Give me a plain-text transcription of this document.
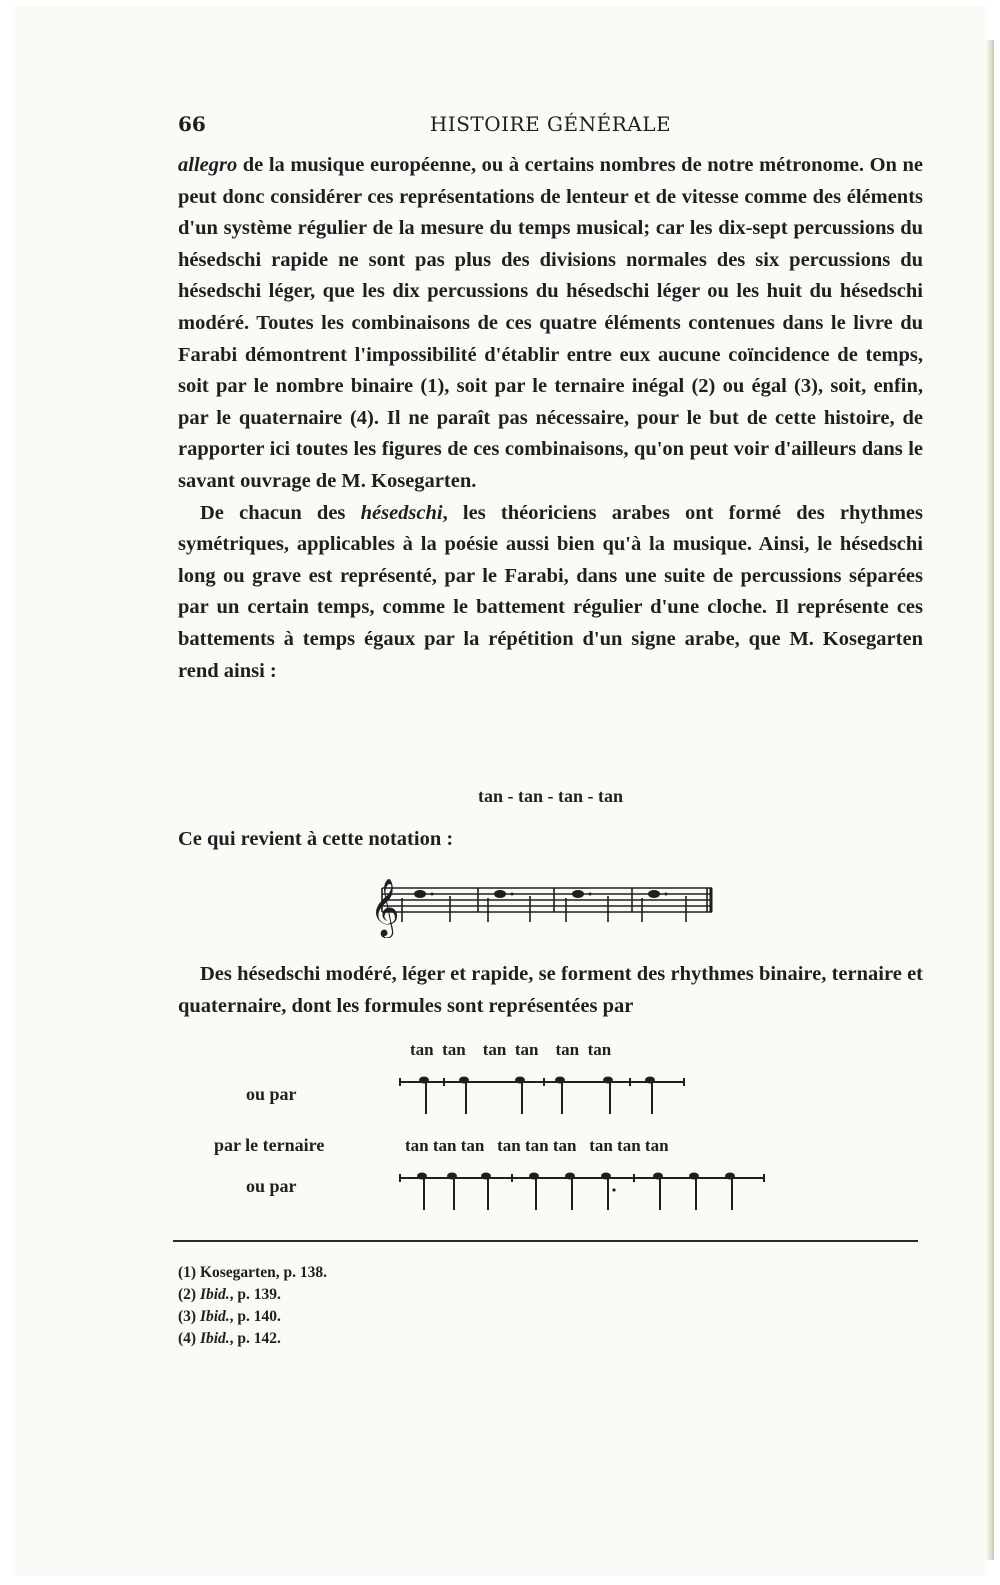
66	HISTOIRE GÉNÉRALE

allegro de la musique européenne, ou à certains nombres de notre métronome. On ne peut donc considérer ces représentations de lenteur et de vitesse comme des éléments d'un système régulier de la mesure du temps musical; car les dix-sept percussions du hésedschi rapide ne sont pas plus des divisions normales des six percussions du hésedschi léger, que les dix percussions du hésedschi léger ou les huit du hésedschi modéré. Toutes les combinaisons de ces quatre éléments contenues dans le livre du Farabi démontrent l'impossibilité d'établir entre eux aucune coïncidence de temps, soit par le nombre binaire (1), soit par le ternaire inégal (2) ou égal (3), soit, enfin, par le quaternaire (4). Il ne paraît pas nécessaire, pour le but de cette histoire, de rapporter ici toutes les figures de ces combinaisons, qu'on peut voir d'ailleurs dans le savant ouvrage de M. Kosegarten.

De chacun des hésedschi, les théoriciens arabes ont formé des rhythmes symétriques, applicables à la poésie aussi bien qu'à la musique. Ainsi, le hésedschi long ou grave est représenté, par le Farabi, dans une suite de percussions séparées par un certain temps, comme le battement régulier d'une cloche. Il représente ces battements à temps égaux par la répétition d'un signe arabe, que M. Kosegarten rend ainsi :

tan - tan - tan - tan
Ce qui revient à cette notation :
𝄞
Des hésedschi modéré, léger et rapide, se forment des rhythmes binaire, ternaire et quaternaire, dont les formules sont représentées par
tan  tan    tan  tan    tan  tan
ou par
par le ternaire	tan tan tan   tan tan tan   tan tan tan
ou par
(1) Kosegarten, p. 138.
(2) Ibid., p. 139.
(3) Ibid., p. 140.
(4) Ibid., p. 142.
